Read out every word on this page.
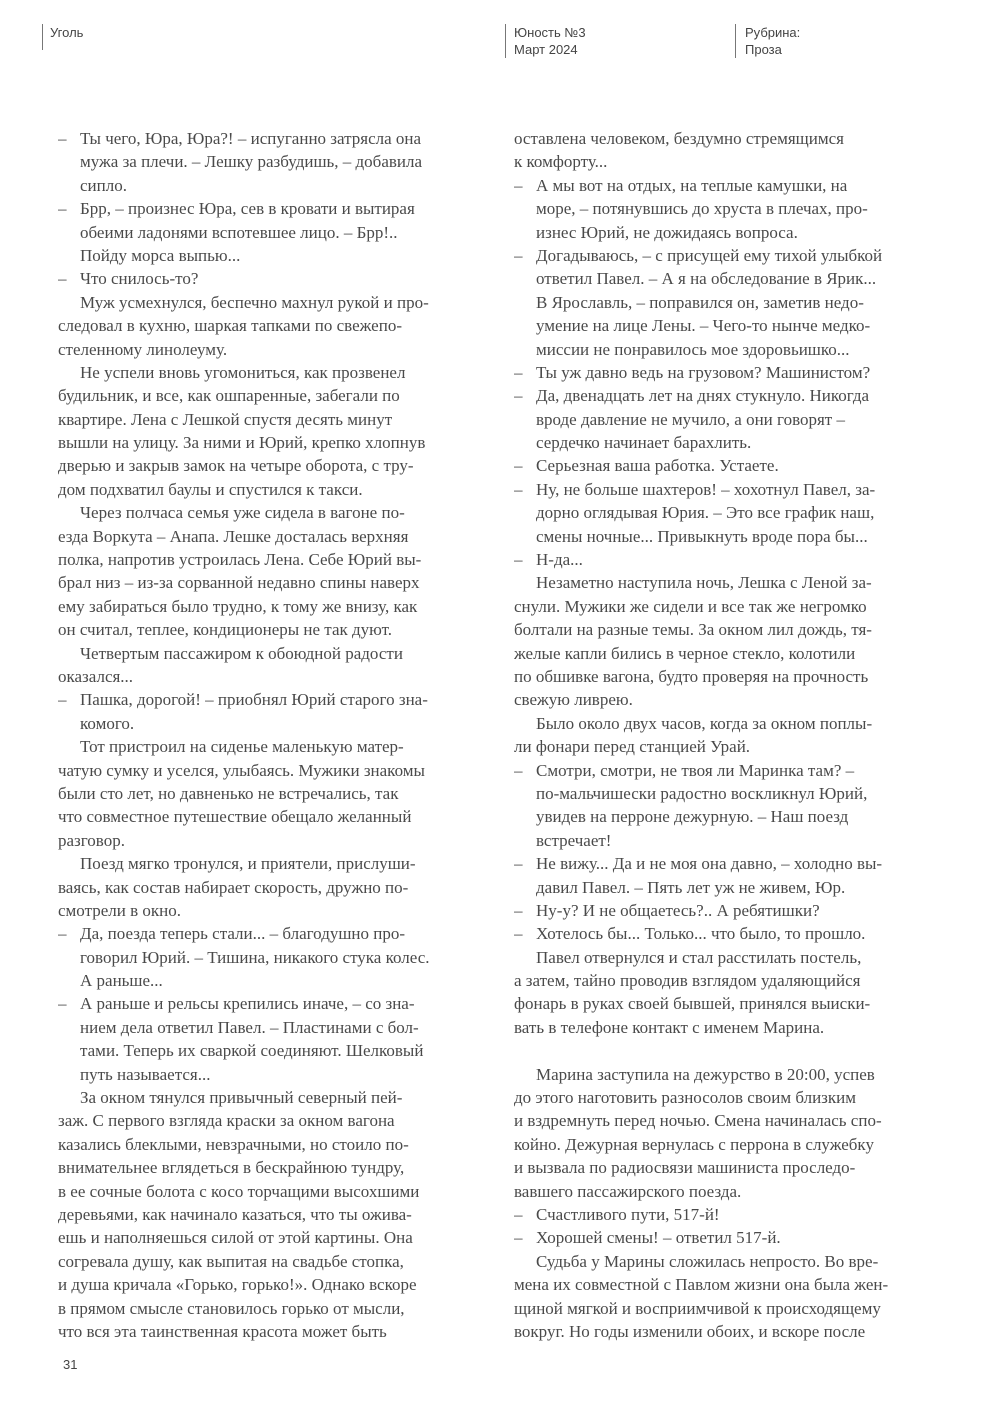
Уголь	Юность №3
Март 2024
Рубрина:
Проза
– Ты чего, Юра, Юра?! – испуганно затрясла она
мужа за плечи. – Лешку разбудишь, – добавила
сипло.
– Брр, – произнес Юра, сев в кровати и вытирая
обеими ладонями вспотевшее лицо. – Брр!..
Пойду морса выпью...
– Что снилось-то?
Муж усмехнулся, беспечно махнул рукой и про-
следовал в кухню, шаркая тапками по свежепо-
стеленному линолеуму.
Не успели вновь угомониться, как прозвенел
будильник, и все, как ошпаренные, забегали по
квартире. Лена с Лешкой спустя десять минут
вышли на улицу. За ними и Юрий, крепко хлопнув
дверью и закрыв замок на четыре оборота, с тру-
дом подхватил баулы и спустился к такси.
Через полчаса семья уже сидела в вагоне по-
езда Воркута – Анапа. Лешке досталась верхняя
полка, напротив устроилась Лена. Себе Юрий вы-
брал низ – из-за сорванной недавно спины наверх
ему забираться было трудно, к тому же внизу, как
он считал, теплее, кондиционеры не так дуют.
Четвертым пассажиром к обоюдной радости
оказался...
– Пашка, дорогой! – приобнял Юрий старого зна-
комого.
Тот пристроил на сиденье маленькую матер-
чатую сумку и уселся, улыбаясь. Мужики знакомы
были сто лет, но давненько не встречались, так
что совместное путешествие обещало желанный
разговор.
Поезд мягко тронулся, и приятели, прислуши-
ваясь, как состав набирает скорость, дружно по-
смотрели в окно.
– Да, поезда теперь стали... – благодушно про-
говорил Юрий. – Тишина, никакого стука колес.
А раньше...
– А раньше и рельсы крепились иначе, – со зна-
нием дела ответил Павел. – Пластинами с бол-
тами. Теперь их сваркой соединяют. Шелковый
путь называется...
За окном тянулся привычный северный пей-
заж. С первого взгляда краски за окном вагона
казались блеклыми, невзрачными, но стоило по-
внимательнее вглядеться в бескрайнюю тундру,
в ее сочные болота с косо торчащими высохшими
деревьями, как начинало казаться, что ты ожива-
ешь и наполняешься силой от этой картины. Она
согревала душу, как выпитая на свадьбе стопка,
и душа кричала «Горько, горько!». Однако вскоре
в прямом смысле становилось горько от мысли,
что вся эта таинственная красота может быть
оставлена человеком, бездумно стремящимся
к комфорту...
– А мы вот на отдых, на теплые камушки, на
море, – потянувшись до хруста в плечах, про-
изнес Юрий, не дожидаясь вопроса.
– Догадываюсь, – с присущей ему тихой улыбкой
ответил Павел. – А я на обследование в Ярик...
В Ярославль, – поправился он, заметив недо-
умение на лице Лены. – Чего-то нынче медко-
миссии не понравилось мое здоровьишко...
– Ты уж давно ведь на грузовом? Машинистом?
– Да, двенадцать лет на днях стукнуло. Никогда
вроде давление не мучило, а они говорят –
сердечко начинает барахлить.
– Серьезная ваша работка. Устаете.
– Ну, не больше шахтеров! – хохотнул Павел, за-
дорно оглядывая Юрия. – Это все график наш,
смены ночные... Привыкнуть вроде пора бы...
– Н-да...
Незаметно наступила ночь, Лешка с Леной за-
снули. Мужики же сидели и все так же негромко
болтали на разные темы. За окном лил дождь, тя-
желые капли бились в черное стекло, колотили
по обшивке вагона, будто проверяя на прочность
свежую ливрею.
Было около двух часов, когда за окном поплы-
ли фонари перед станцией Урай.
– Смотри, смотри, не твоя ли Маринка там? –
по-мальчишески радостно воскликнул Юрий,
увидев на перроне дежурную. – Наш поезд
встречает!
– Не вижу... Да и не моя она давно, – холодно вы-
давил Павел. – Пять лет уж не живем, Юр.
– Ну-у? И не общаетесь?.. А ребятишки?
– Хотелось бы... Только... что было, то прошло.
Павел отвернулся и стал расстилать постель,
а затем, тайно проводив взглядом удаляющийся
фонарь в руках своей бывшей, принялся выиски-
вать в телефоне контакт с именем Марина.
Марина заступила на дежурство в 20:00, успев
до этого наготовить разносолов своим близким
и вздремнуть перед ночью. Смена начиналась спо-
койно. Дежурная вернулась с перрона в служебку
и вызвала по радиосвязи машиниста проследо-
вавшего пассажирского поезда.
– Счастливого пути, 517-й!
– Хорошей смены! – ответил 517-й.
Судьба у Марины сложилась непросто. Во вре-
мена их совместной с Павлом жизни она была жен-
щиной мягкой и восприимчивой к происходящему
вокруг. Но годы изменили обоих, и вскоре после
31
